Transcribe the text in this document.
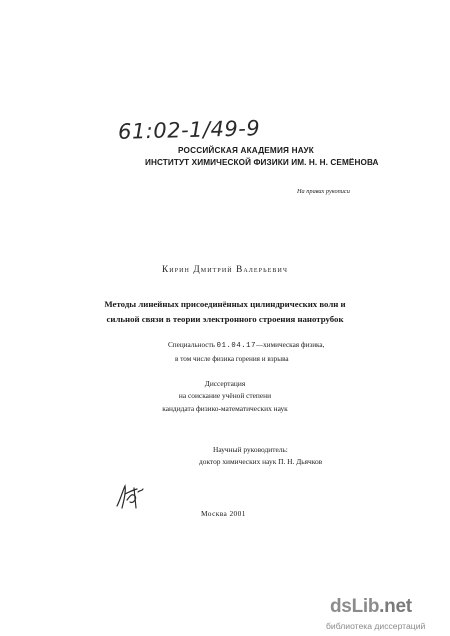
61:02-1/49-9
РОССИЙСКАЯ АКАДЕМИЯ НАУК
ИНСТИТУТ ХИМИЧЕСКОЙ ФИЗИКИ ИМ. Н. Н. СЕМЁНОВА
На правах рукописи
Кирин Дмитрий Валерьевич
Методы линейных присоединённых цилиндрических волн и
сильной связи в теории электронного строения нанотрубок
Специальность 01.04.17—химическая физика,
в том числе физика горения и взрыва
Диссертация
на соискание учёной степени
кандидата физико-математических наук
Научный руководитель:
доктор химических наук П. Н. Дьячков
Москва 2001
dsLib.net
библиотека диссертаций
